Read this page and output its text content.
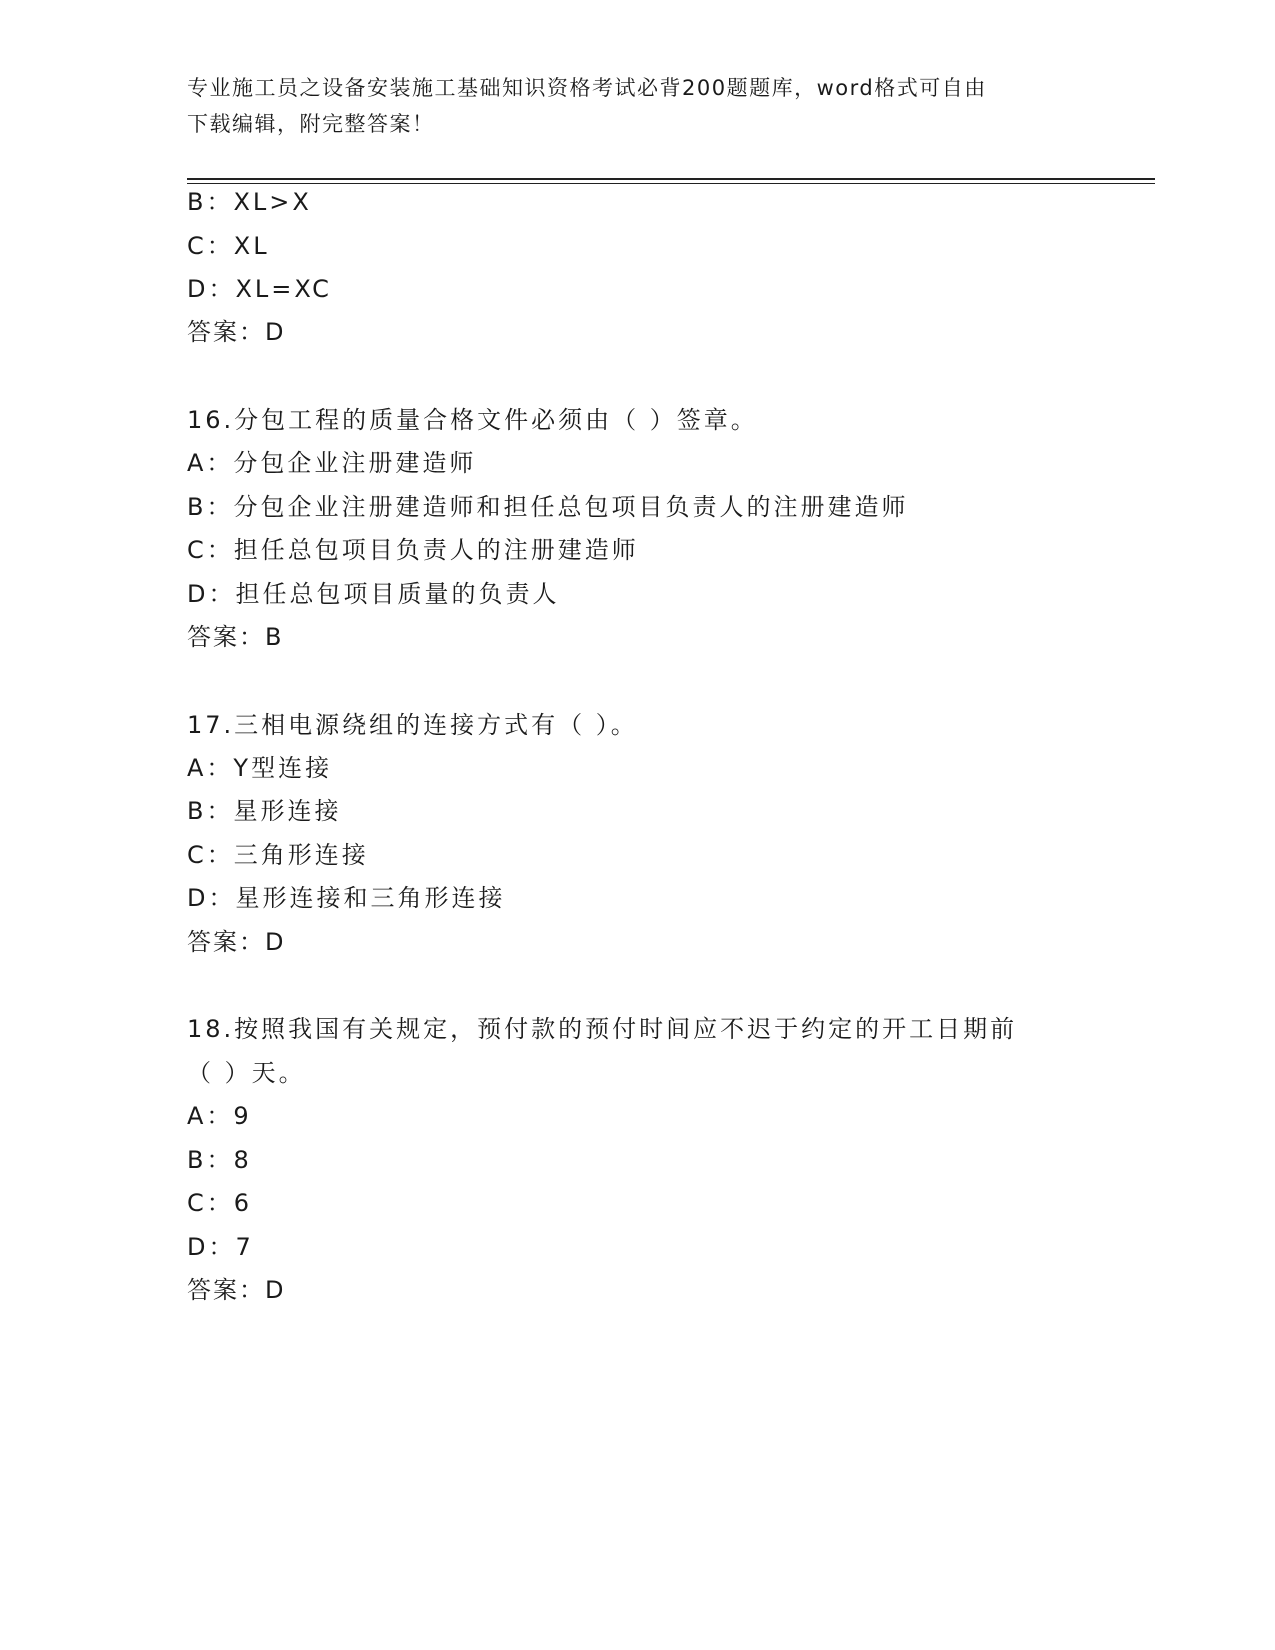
专业施工员之设备安装施工基础知识资格考试必背200题题库，word格式可自由
下载编辑，附完整答案！
B：XL>X
C：XL
D：XL=XC
答案：D
16.分包工程的质量合格文件必须由（ ）签章。
A：分包企业注册建造师
B：分包企业注册建造师和担任总包项目负责人的注册建造师
C：担任总包项目负责人的注册建造师
D：担任总包项目质量的负责人
答案：B
17.三相电源绕组的连接方式有（ ）。
A：Y型连接
B：星形连接
C：三角形连接
D：星形连接和三角形连接
答案：D
18.按照我国有关规定，预付款的预付时间应不迟于约定的开工日期前
（ ）天。
A：9
B：8
C：6
D：7
答案：D
